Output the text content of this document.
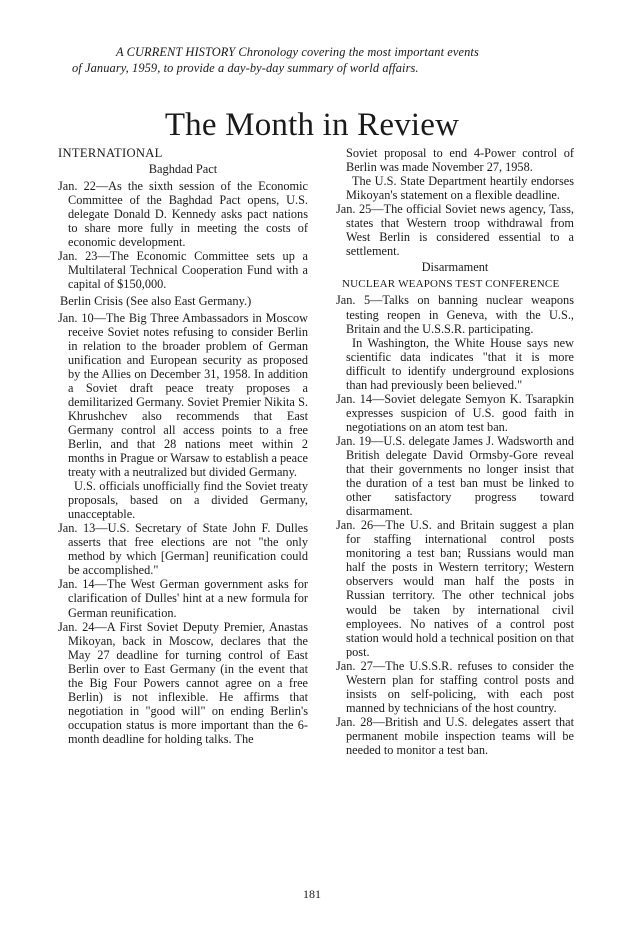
A CURRENT HISTORY Chronology covering the most important events
of January, 1959, to provide a day-by-day summary of world affairs.
The Month in Review
INTERNATIONAL
Baghdad Pact

Jan. 22—As the sixth session of the Economic Committee of the Baghdad Pact opens, U.S. delegate Donald D. Kennedy asks pact nations to share more fully in meeting the costs of economic development.

Jan. 23—The Economic Committee sets up a Multilateral Technical Cooperation Fund with a capital of $150,000.

Berlin Crisis (See also East Germany.)

Jan. 10—The Big Three Ambassadors in Moscow receive Soviet notes refusing to consider Berlin in relation to the broader problem of German unification and European security as proposed by the Allies on December 31, 1958. In addition a Soviet draft peace treaty proposes a demilitarized Germany. Soviet Premier Nikita S. Khrushchev also recommends that East Germany control all access points to a free Berlin, and that 28 nations meet within 2 months in Prague or Warsaw to establish a peace treaty with a neutralized but divided Germany.

U.S. officials unofficially find the Soviet treaty proposals, based on a divided Germany, unacceptable.

Jan. 13—U.S. Secretary of State John F. Dulles asserts that free elections are not "the only method by which [German] reunification could be accomplished."

Jan. 14—The West German government asks for clarification of Dulles' hint at a new formula for German reunification.

Jan. 24—A First Soviet Deputy Premier, Anastas Mikoyan, back in Moscow, declares that the May 27 deadline for turning control of East Berlin over to East Germany (in the event that the Big Four Powers cannot agree on a free Berlin) is not inflexible. He affirms that negotiation in "good will" on ending Berlin's occupation status is more important than the 6-month deadline for holding talks. The

Soviet proposal to end 4-Power control of Berlin was made November 27, 1958.

The U.S. State Department heartily endorses Mikoyan's statement on a flexible deadline.

Jan. 25—The official Soviet news agency, Tass, states that Western troop withdrawal from West Berlin is considered essential to a settlement.

Disarmament
NUCLEAR WEAPONS TEST CONFERENCE

Jan. 5—Talks on banning nuclear weapons testing reopen in Geneva, with the U.S., Britain and the U.S.S.R. participating.

In Washington, the White House says new scientific data indicates "that it is more difficult to identify underground explosions than had previously been believed."

Jan. 14—Soviet delegate Semyon K. Tsarapkin expresses suspicion of U.S. good faith in negotiations on an atom test ban.

Jan. 19—U.S. delegate James J. Wadsworth and British delegate David Ormsby-Gore reveal that their governments no longer insist that the duration of a test ban must be linked to other satisfactory progress toward disarmament.

Jan. 26—The U.S. and Britain suggest a plan for staffing international control posts monitoring a test ban; Russians would man half the posts in Western territory; Western observers would man half the posts in Russian territory. The other technical jobs would be taken by international civil employees. No natives of a control post station would hold a technical position on that post.

Jan. 27—The U.S.S.R. refuses to consider the Western plan for staffing control posts and insists on self-policing, with each post manned by technicians of the host country.

Jan. 28—British and U.S. delegates assert that permanent mobile inspection teams will be needed to monitor a test ban.

181
